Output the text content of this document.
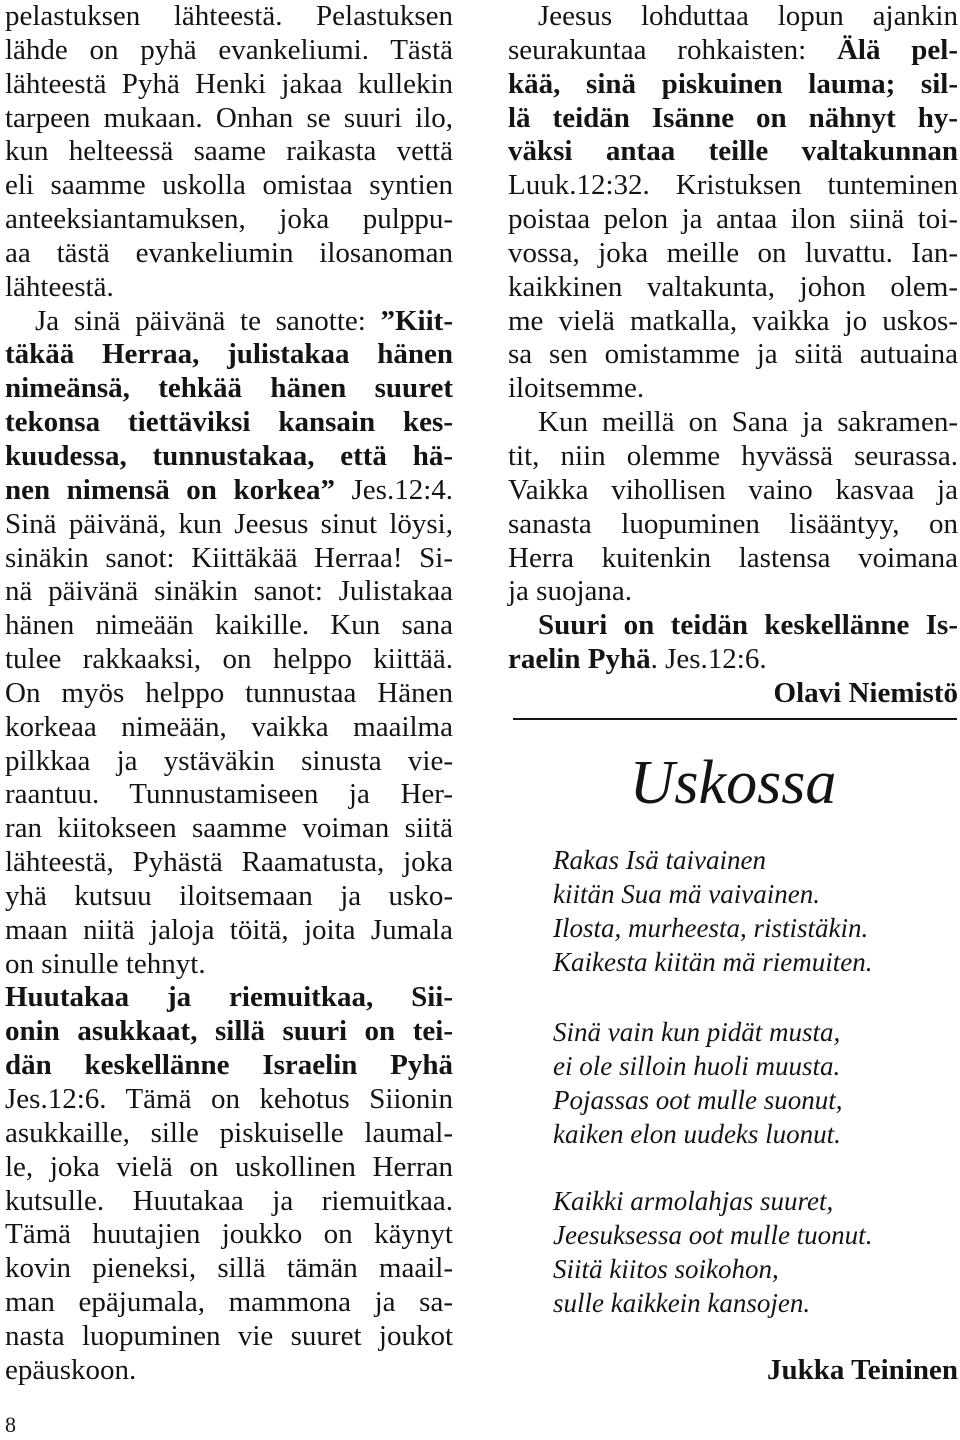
pelastuksen lähteestä. Pelastuksen
lähde on pyhä evankeliumi. Tästä
lähteestä Pyhä Henki jakaa kullekin
tarpeen mukaan. Onhan se suuri ilo,
kun helteessä saame raikasta vettä
eli saamme uskolla omistaa syntien
anteeksiantamuksen, joka pulppu-
aa tästä evankeliumin ilosanoman
lähteestä.
Ja sinä päivänä te sanotte: ”Kiit-
täkää Herraa, julistakaa hänen
nimeänsä, tehkää hänen suuret
tekonsa tiettäviksi kansain kes-
kuudessa, tunnustakaa, että hä-
nen nimensä on korkea” Jes.12:4.
Sinä päivänä, kun Jeesus sinut löysi,
sinäkin sanot: Kiittäkää Herraa! Si-
nä päivänä sinäkin sanot: Julistakaa
hänen nimeään kaikille. Kun sana
tulee rakkaaksi, on helppo kiittää.
On myös helppo tunnustaa Hänen
korkeaa nimeään, vaikka maailma
pilkkaa ja ystäväkin sinusta vie-
raantuu. Tunnustamiseen ja Her-
ran kiitokseen saamme voiman siitä
lähteestä, Pyhästä Raamatusta, joka
yhä kutsuu iloitsemaan ja usko-
maan niitä jaloja töitä, joita Jumala
on sinulle tehnyt.
Huutakaa ja riemuitkaa, Sii-
onin asukkaat, sillä suuri on tei-
dän keskellänne Israelin Pyhä
Jes.12:6. Tämä on kehotus Siionin
asukkaille, sille piskuiselle laumal-
le, joka vielä on uskollinen Herran
kutsulle. Huutakaa ja riemuitkaa.
Tämä huutajien joukko on käynyt
kovin pieneksi, sillä tämän maail-
man epäjumala, mammona ja sa-
nasta luopuminen vie suuret joukot
epäuskoon.
Jeesus lohduttaa lopun ajankin
seurakuntaa rohkaisten: Älä pel-
kää, sinä piskuinen lauma; sil-
lä teidän Isänne on nähnyt hy-
väksi antaa teille valtakunnan
Luuk.12:32. Kristuksen tunteminen
poistaa pelon ja antaa ilon siinä toi-
vossa, joka meille on luvattu. Ian-
kaikkinen valtakunta, johon olem-
me vielä matkalla, vaikka jo uskos-
sa sen omistamme ja siitä autuaina
iloitsemme.
Kun meillä on Sana ja sakramen-
tit, niin olemme hyvässä seurassa.
Vaikka vihollisen vaino kasvaa ja
sanasta luopuminen lisääntyy, on
Herra kuitenkin lastensa voimana
ja suojana.
Suuri on teidän keskellänne Is-
raelin Pyhä. Jes.12:6.
Olavi Niemistö
Uskossa
Rakas Isä taivainen
kiitän Sua mä vaivainen.
Ilosta, murheesta, rististäkin.
Kaikesta kiitän mä riemuiten.
Sinä vain kun pidät musta,
ei ole silloin huoli muusta.
Pojassas oot mulle suonut,
kaiken elon uudeks luonut.
Kaikki armolahjas suuret,
Jeesuksessa oot mulle tuonut.
Siitä kiitos soikohon,
sulle kaikkein kansojen.
Jukka Teininen
8
